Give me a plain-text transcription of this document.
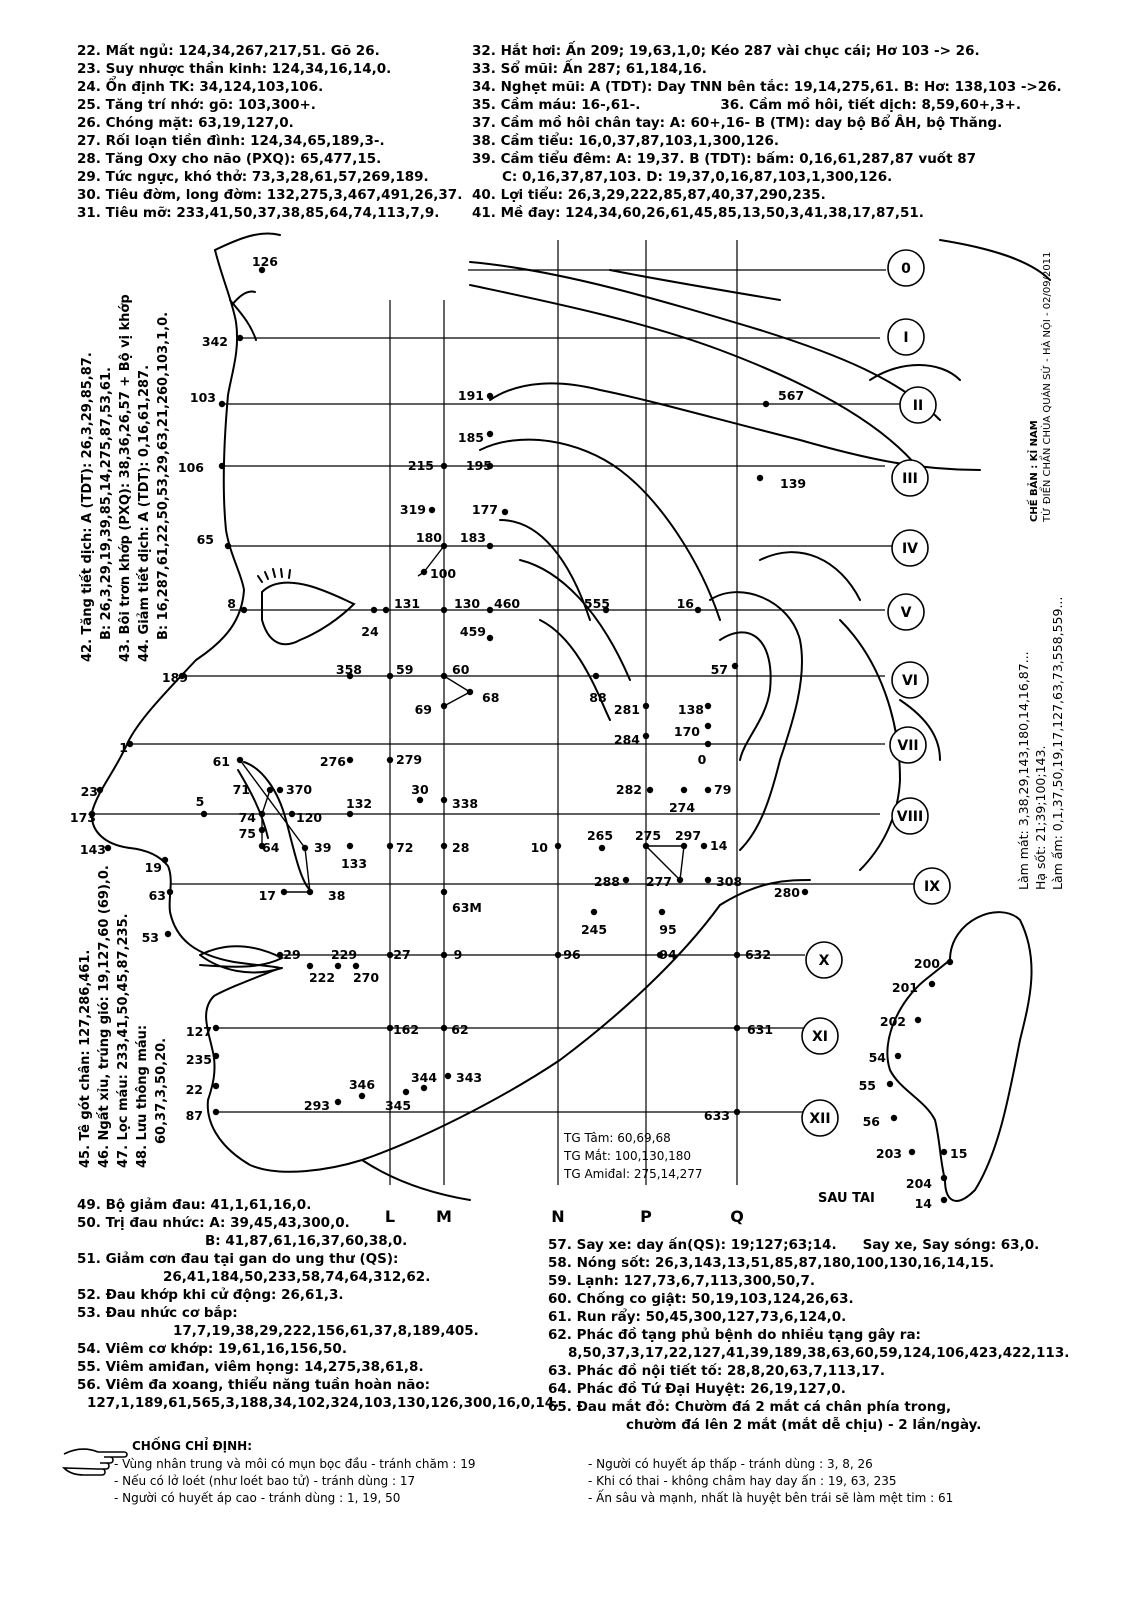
22. Mất ngủ: 124,34,267,217,51. Gõ 26.

23. Suy nhược thần kinh: 124,34,16,14,0.

24. Ổn định TK: 34,124,103,106.

25. Tăng trí nhớ: gõ: 103,300+.

26. Chóng mặt: 63,19,127,0.

27. Rối loạn tiền đình: 124,34,65,189,3-.

28. Tăng Oxy cho não (PXQ): 65,477,15.

29. Tức ngực, khó thở: 73,3,28,61,57,269,189.

30. Tiêu đờm, long đờm: 132,275,3,467,491,26,37.

31. Tiêu mỡ: 233,41,50,37,38,85,64,74,113,7,9.

32. Hắt hơi: Ấn 209; 19,63,1,0; Kéo 287 vài chục cái; Hơ 103 -> 26.

33. Sổ mũi: Ấn 287; 61,184,16.

34. Nghẹt mũi: A (TDT): Day TNN bên tắc: 19,14,275,61. B: Hơ: 138,103 ->26.

35. Cầm máu: 16-,61-.	36. Cầm mồ hôi, tiết dịch: 8,59,60+,3+.

37. Cầm mồ hôi chân tay: A: 60+,16- B (TM): day bộ Bổ ÂH, bộ Thăng.

38. Cầm tiểu: 16,0,37,87,103,1,300,126.

39. Cầm tiểu đêm: A: 19,37. B (TDT): bấm: 0,16,61,287,87 vuốt 87

C: 0,16,37,87,103. D: 19,37,0,16,87,103,1,300,126.

40. Lợi tiểu: 26,3,29,222,85,87,40,37,290,235.

41. Mề đay: 124,34,60,26,61,45,85,13,50,3,41,38,17,87,51.

42. Tăng tiết dịch: A (TDT): 26,3,29,85,87. B: 26,3,29,19,39,85,14,275,87,53,61. 43. Bôi trơn khớp (PXQ): 38,36,26,57 + Bộ vị khớp 44. Giảm tiết dịch: A (TDT): 0,16,61,287. B: 16,287,61,22,50,53,29,63,21,260,103,1,0.

45. Tê gót chân: 127,286,461. 46. Ngất xỉu, trúng gió: 19,127,60 (69),0. 47. Lọc máu: 233,41,50,45,87,235. 48. Lưu thông máu: 60,37,3,50,20.

CHẾ BẢN : KỈ NAM TỪ ĐIỂN CHẨN CHÙA QUÁN SỨ - HÀ NỘI - 02/09/2011

Làm mát: 3,38,29,143,180,14,16,87... Hạ sốt: 21;39;100;143. Làm ấm: 0,1,37,50,19,17,127,63,73,558,559...

0
I
II
III
IV
V
VI
VII
VIII
IX
X
XI
XII
L	M	N	P	Q
126
342
103
106
65
8
189
1
23
173
143
19
63
53
127
235
22
87
215	195
191
185
319	177
180 183
100
131
24
130 460
459
555	16
567
139
358	59	60
68
69
88
281	138
170
57
284
0
61
71	370
5
74	120
75
64	39
132
133
276	279
30
338
72	28
282
274
79
17	38
63M
10
265 275 297
14
288 277	308
280
245	95
29
222
229
270
27	9	96	94	632
162	62	631
346	344 343
345
293
633
200
201
202
54
55
56
203	15
204
14
TG Tâm: 60,69,68
TG Mắt: 100,130,180
TG Amiđal: 275,14,277
SAU TAI

49. Bộ giảm đau: 41,1,61,16,0.

50. Trị đau nhức: A: 39,45,43,300,0.

B: 41,87,61,16,37,60,38,0.

51. Giảm cơn đau tại gan do ung thư (QS):

26,41,184,50,233,58,74,64,312,62.

52. Đau khớp khi cử động: 26,61,3.

53. Đau nhức cơ bắp:

17,7,19,38,29,222,156,61,37,8,189,405.

54. Viêm cơ khớp: 19,61,16,156,50.

55. Viêm amiđan, viêm họng: 14,275,38,61,8.

56. Viêm đa xoang, thiểu năng tuần hoàn não:

127,1,189,61,565,3,188,34,102,324,103,130,126,300,16,0,14.

57. Say xe: day ấn(QS): 19;127;63;14. Say xe, Say sóng: 63,0.

58. Nóng sốt: 26,3,143,13,51,85,87,180,100,130,16,14,15.

59. Lạnh: 127,73,6,7,113,300,50,7.

60. Chống co giật: 50,19,103,124,26,63.

61. Run rẩy: 50,45,300,127,73,6,124,0.

62. Phác đồ tạng phủ bệnh do nhiều tạng gây ra:

8,50,37,3,17,22,127,41,39,189,38,63,60,59,124,106,423,422,113.

63. Phác đồ nội tiết tố: 28,8,20,63,7,113,17.

64. Phác đồ Tứ Đại Huyệt: 26,19,127,0.

65. Đau mắt đỏ: Chườm đá 2 mắt cá chân phía trong,

chườm đá lên 2 mắt (mắt dễ chịu) - 2 lần/ngày.

CHỐNG CHỈ ĐỊNH:

- Vùng nhân trung và môi có mụn bọc đầu - tránh chăm : 19

- Nếu có lở loét (như loét bao tử) - tránh dùng : 17

- Người có huyết áp cao - tránh dùng : 1, 19, 50

- Người có huyết áp thấp - tránh dùng : 3, 8, 26

- Khi có thai - không châm hay day ấn : 19, 63, 235

- Ấn sâu và mạnh, nhất là huyệt bên trái sẽ làm mệt tim : 61
